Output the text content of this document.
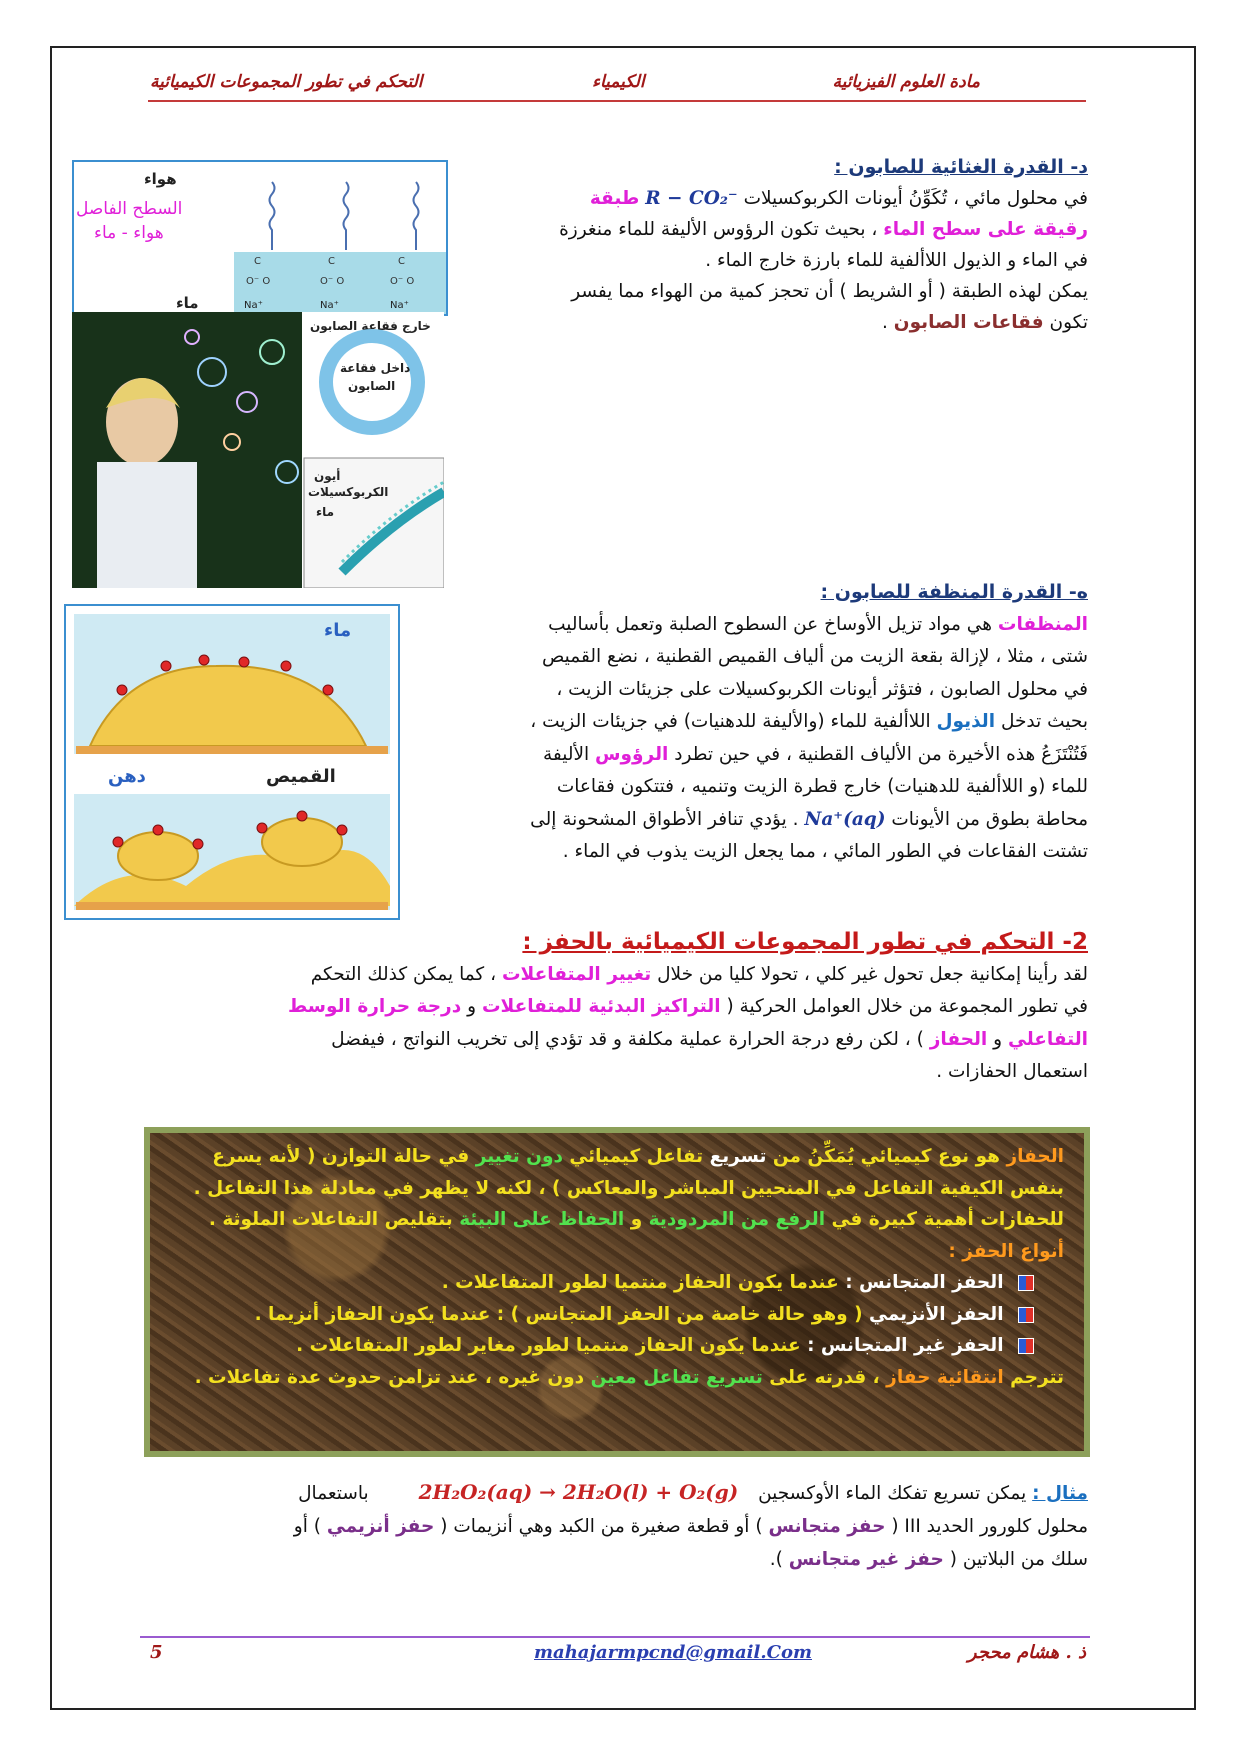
مادة العلوم الفيزيائية
الكيمياء
التحكم في تطور المجموعات الكيميائية
د- القدرة الغثائية للصابون :
في محلول مائي ، تُكَوِّنُ أيونات الكربوكسيلات R − CO₂⁻ طبقة
رقيقة على سطح الماء ، بحيث تكون الرؤوس الأليفة للماء منغرزة
في الماء و الذيول اللاألفية للماء بارزة خارج الماء .
يمكن لهذه الطبقة ( أو الشريط ) أن تحجز كمية من الهواء مما يفسر
تكون فقاعات الصابون .
C	C	C
O⁻ O	O⁻ O	O⁻ O
هواء
السطح الفاصل
هواء - ماء
ماء	Na⁺	Na⁺	Na⁺
خارج فقاعة الصابون
داخل فقاعة
الصابون
أيون
الكربوكسيلات
ماء
ه- القدرة المنظفة للصابون :
المنظفات هي مواد تزيل الأوساخ عن السطوح الصلبة وتعمل بأساليب
شتى ، مثلا ، لإزالة بقعة الزيت من ألياف القميص القطنية ، نضع القميص
في محلول الصابون ، فتؤثر أيونات الكربوكسيلات على جزيئات الزيت ،
بحيث تدخل الذيول اللاألفية للماء (والأليفة للدهنيات) في جزيئات الزيت ،
فَتُنْتَزَعُ هذه الأخيرة من الألياف القطنية ، في حين تطرد الرؤوس الأليفة
للماء (و اللاألفية للدهنيات) خارج قطرة الزيت وتنميه ، فتتكون فقاعات
محاطة بطوق من الأيونات Na⁺(aq) . يؤدي تنافر الأطواق المشحونة إلى
تشتت الفقاعات في الطور المائي ، مما يجعل الزيت يذوب في الماء .
ماء
القميص
دهن
2- التحكم في تطور المجموعات الكيميائية بالحفز :
لقد رأينا إمكانية جعل تحول غير كلي ، تحولا كليا من خلال تغيير المتفاعلات ، كما يمكن كذلك التحكم
في تطور المجموعة من خلال العوامل الحركية ( التراكيز البدئية للمتفاعلات و درجة حرارة الوسط
التفاعلي و الحفاز ) ، لكن رفع درجة الحرارة عملية مكلفة و قد تؤدي إلى تخريب النواتج ، فيفضل
استعمال الحفازات .
الحفاز هو نوع كيميائي يُمَكِّنُ من تسريع تفاعل كيميائي دون تغيير في حالة التوازن ( لأنه يسرع
بنفس الكيفية التفاعل في المنحيين المباشر والمعاكس ) ، لكنه لا يظهر في معادلة هذا التفاعل .
للحفازات أهمية كبيرة في الرفع من المردودية و الحفاظ على البيئة بتقليص التفاعلات الملوثة .
أنواع الحفز :
الحفز المتجانس : عندما يكون الحفاز منتميا لطور المتفاعلات .
الحفز الأنزيمي ( وهو حالة خاصة من الحفز المتجانس ) : عندما يكون الحفاز أنزيما .
الحفز غير المتجانس : عندما يكون الحفاز منتميا لطور مغاير لطور المتفاعلات .
تترجم انتقائية حفاز ، قدرته على تسريع تفاعل معين دون غيره ، عند تزامن حدوث عدة تفاعلات .
مثال : يمكن تسريع تفكك الماء الأوكسجين 2H₂O₂(aq) → 2H₂O(l) + O₂(g) باستعمال
محلول كلورور الحديد III ( حفز متجانس ) أو قطعة صغيرة من الكبد وهي أنزيمات ( حفز أنزيمي ) أو
سلك من البلاتين ( حفز غير متجانس ).
5	mahajarmpcnd@gmail.Com	ذ . هشام محجر
